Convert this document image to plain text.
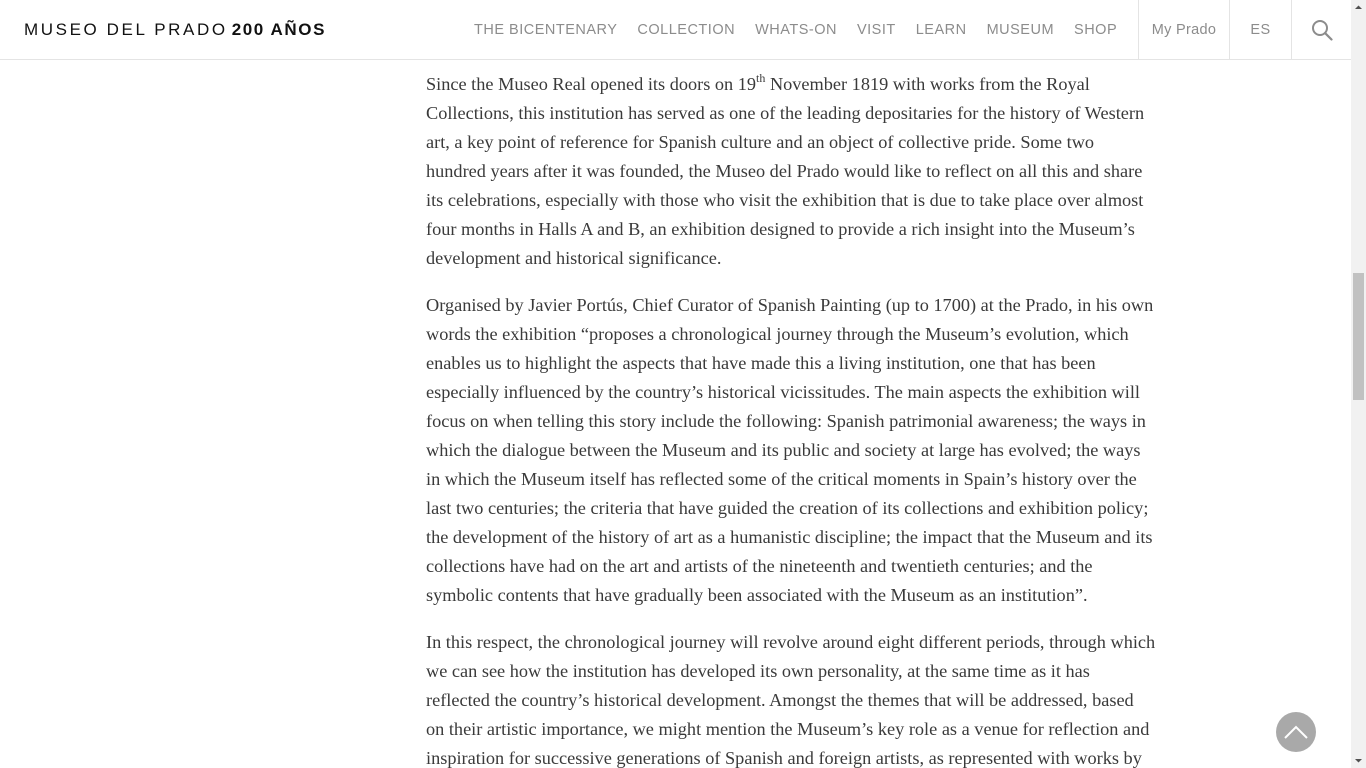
MUSEO DEL PRADO 200 AÑOS	THE BICENTENARY COLLECTION WHATS-ON VISIT LEARN MUSEUM SHOP	My Prado	ES

Since the Museo Real opened its doors on 19th November 1819 with works from the Royal Collections, this institution has served as one of the leading depositaries for the history of Western art, a key point of reference for Spanish culture and an object of collective pride. Some two hundred years after it was founded, the Museo del Prado would like to reflect on all this and share its celebrations, especially with those who visit the exhibition that is due to take place over almost four months in Halls A and B, an exhibition designed to provide a rich insight into the Museum’s development and historical significance.

Organised by Javier Portús, Chief Curator of Spanish Painting (up to 1700) at the Prado, in his own words the exhibition “proposes a chronological journey through the Museum’s evolution, which enables us to highlight the aspects that have made this a living institution, one that has been especially influenced by the country’s historical vicissitudes. The main aspects the exhibition will focus on when telling this story include the following: Spanish patrimonial awareness; the ways in which the dialogue between the Museum and its public and society at large has evolved; the ways in which the Museum itself has reflected some of the critical moments in Spain’s history over the last two centuries; the criteria that have guided the creation of its collections and exhibition policy; the development of the history of art as a humanistic discipline; the impact that the Museum and its collections have had on the art and artists of the nineteenth and twentieth centuries; and the symbolic contents that have gradually been associated with the Museum as an institution”.

In this respect, the chronological journey will revolve around eight different periods, through which we can see how the institution has developed its own personality, at the same time as it has reflected the country’s historical development. Amongst the themes that will be addressed, based on their artistic importance, we might mention the Museum’s key role as a venue for reflection and inspiration for successive generations of Spanish and foreign artists, as represented with works by
